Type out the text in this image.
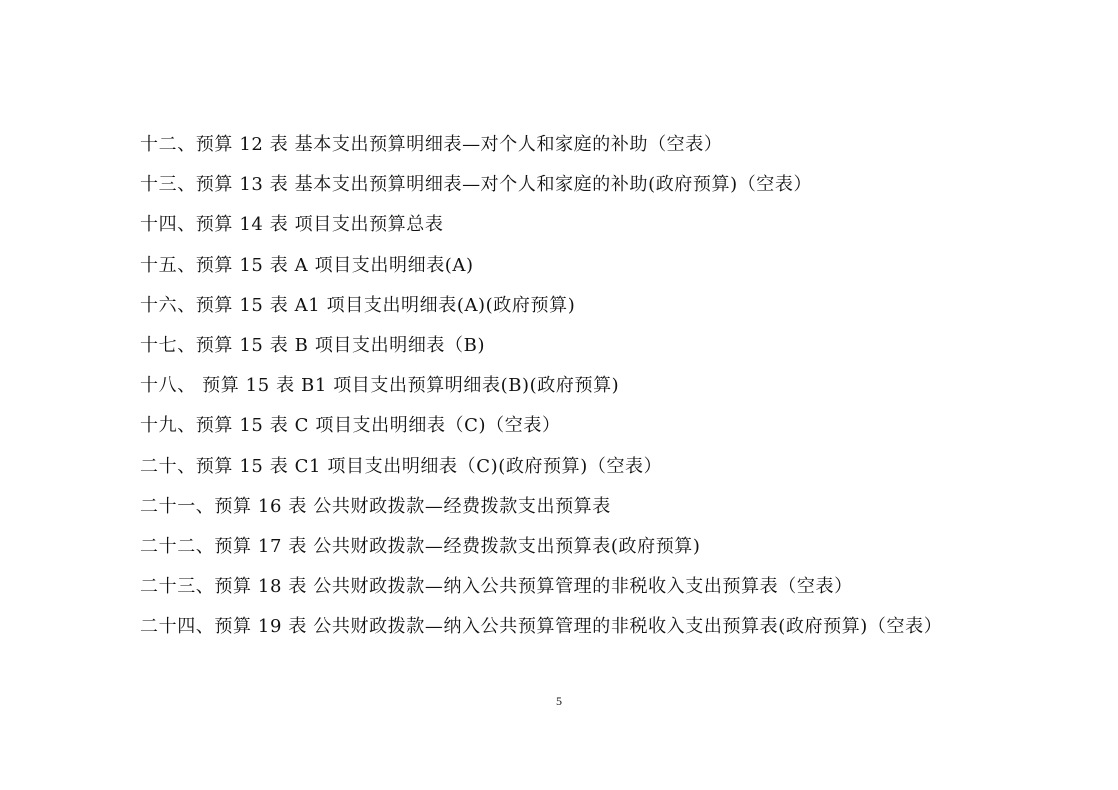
十二、预算 12 表 基本支出预算明细表—对个人和家庭的补助（空表）
十三、预算 13 表 基本支出预算明细表—对个人和家庭的补助(政府预算)（空表）
十四、预算 14 表 项目支出预算总表
十五、预算 15 表 A 项目支出明细表(A)
十六、预算 15 表 A1 项目支出明细表(A)(政府预算)
十七、预算 15 表 B 项目支出明细表（B)
十八、 预算 15 表 B1 项目支出预算明细表(B)(政府预算)
十九、预算 15 表 C 项目支出明细表（C)（空表）
二十、预算 15 表 C1 项目支出明细表（C)(政府预算)（空表）
二十一、预算 16 表 公共财政拨款—经费拨款支出预算表
二十二、预算 17 表 公共财政拨款—经费拨款支出预算表(政府预算)
二十三、预算 18 表 公共财政拨款—纳入公共预算管理的非税收入支出预算表（空表）
二十四、预算 19 表 公共财政拨款—纳入公共预算管理的非税收入支出预算表(政府预算)（空表）
5
